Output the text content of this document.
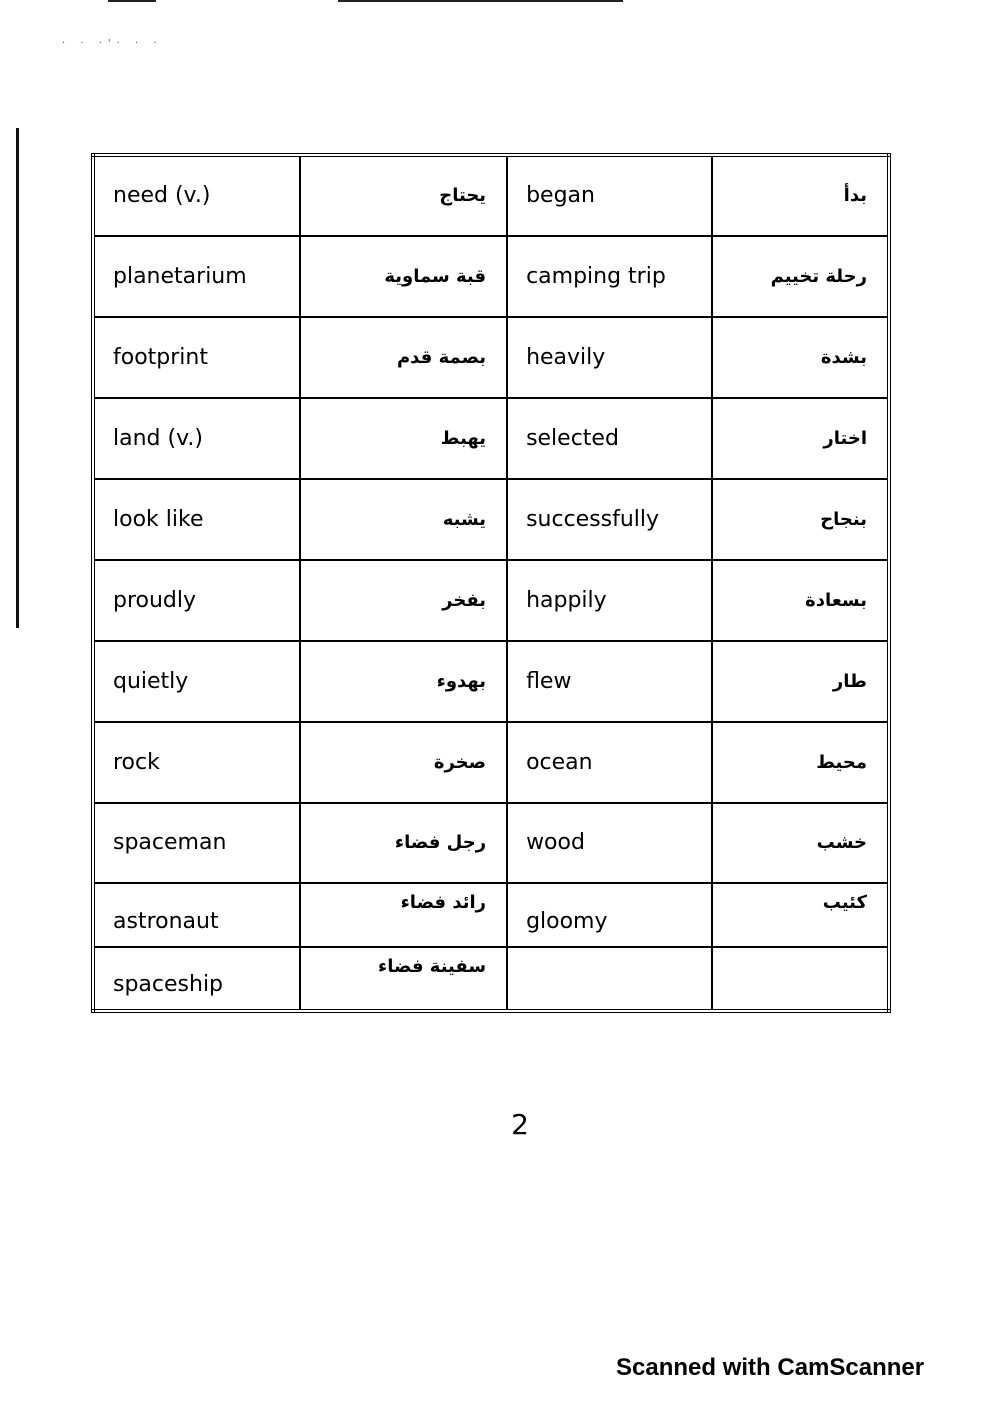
· · ·'· · ·
need (v.)	يحتاج	began	بدأ
planetarium	قبة سماوية	camping trip	رحلة تخييم
footprint	بصمة قدم	heavily	بشدة
land (v.)	يهبط	selected	اختار
look like	يشبه	successfully	بنجاح
proudly	بفخر	happily	بسعادة
quietly	بهدوء	flew	طار
rock	صخرة	ocean	محيط
spaceman	رجل فضاء	wood	خشب
astronaut	رائد فضاء	gloomy	كئيب
spaceship	سفينة فضاء		
2
Scanned with CamScanner
